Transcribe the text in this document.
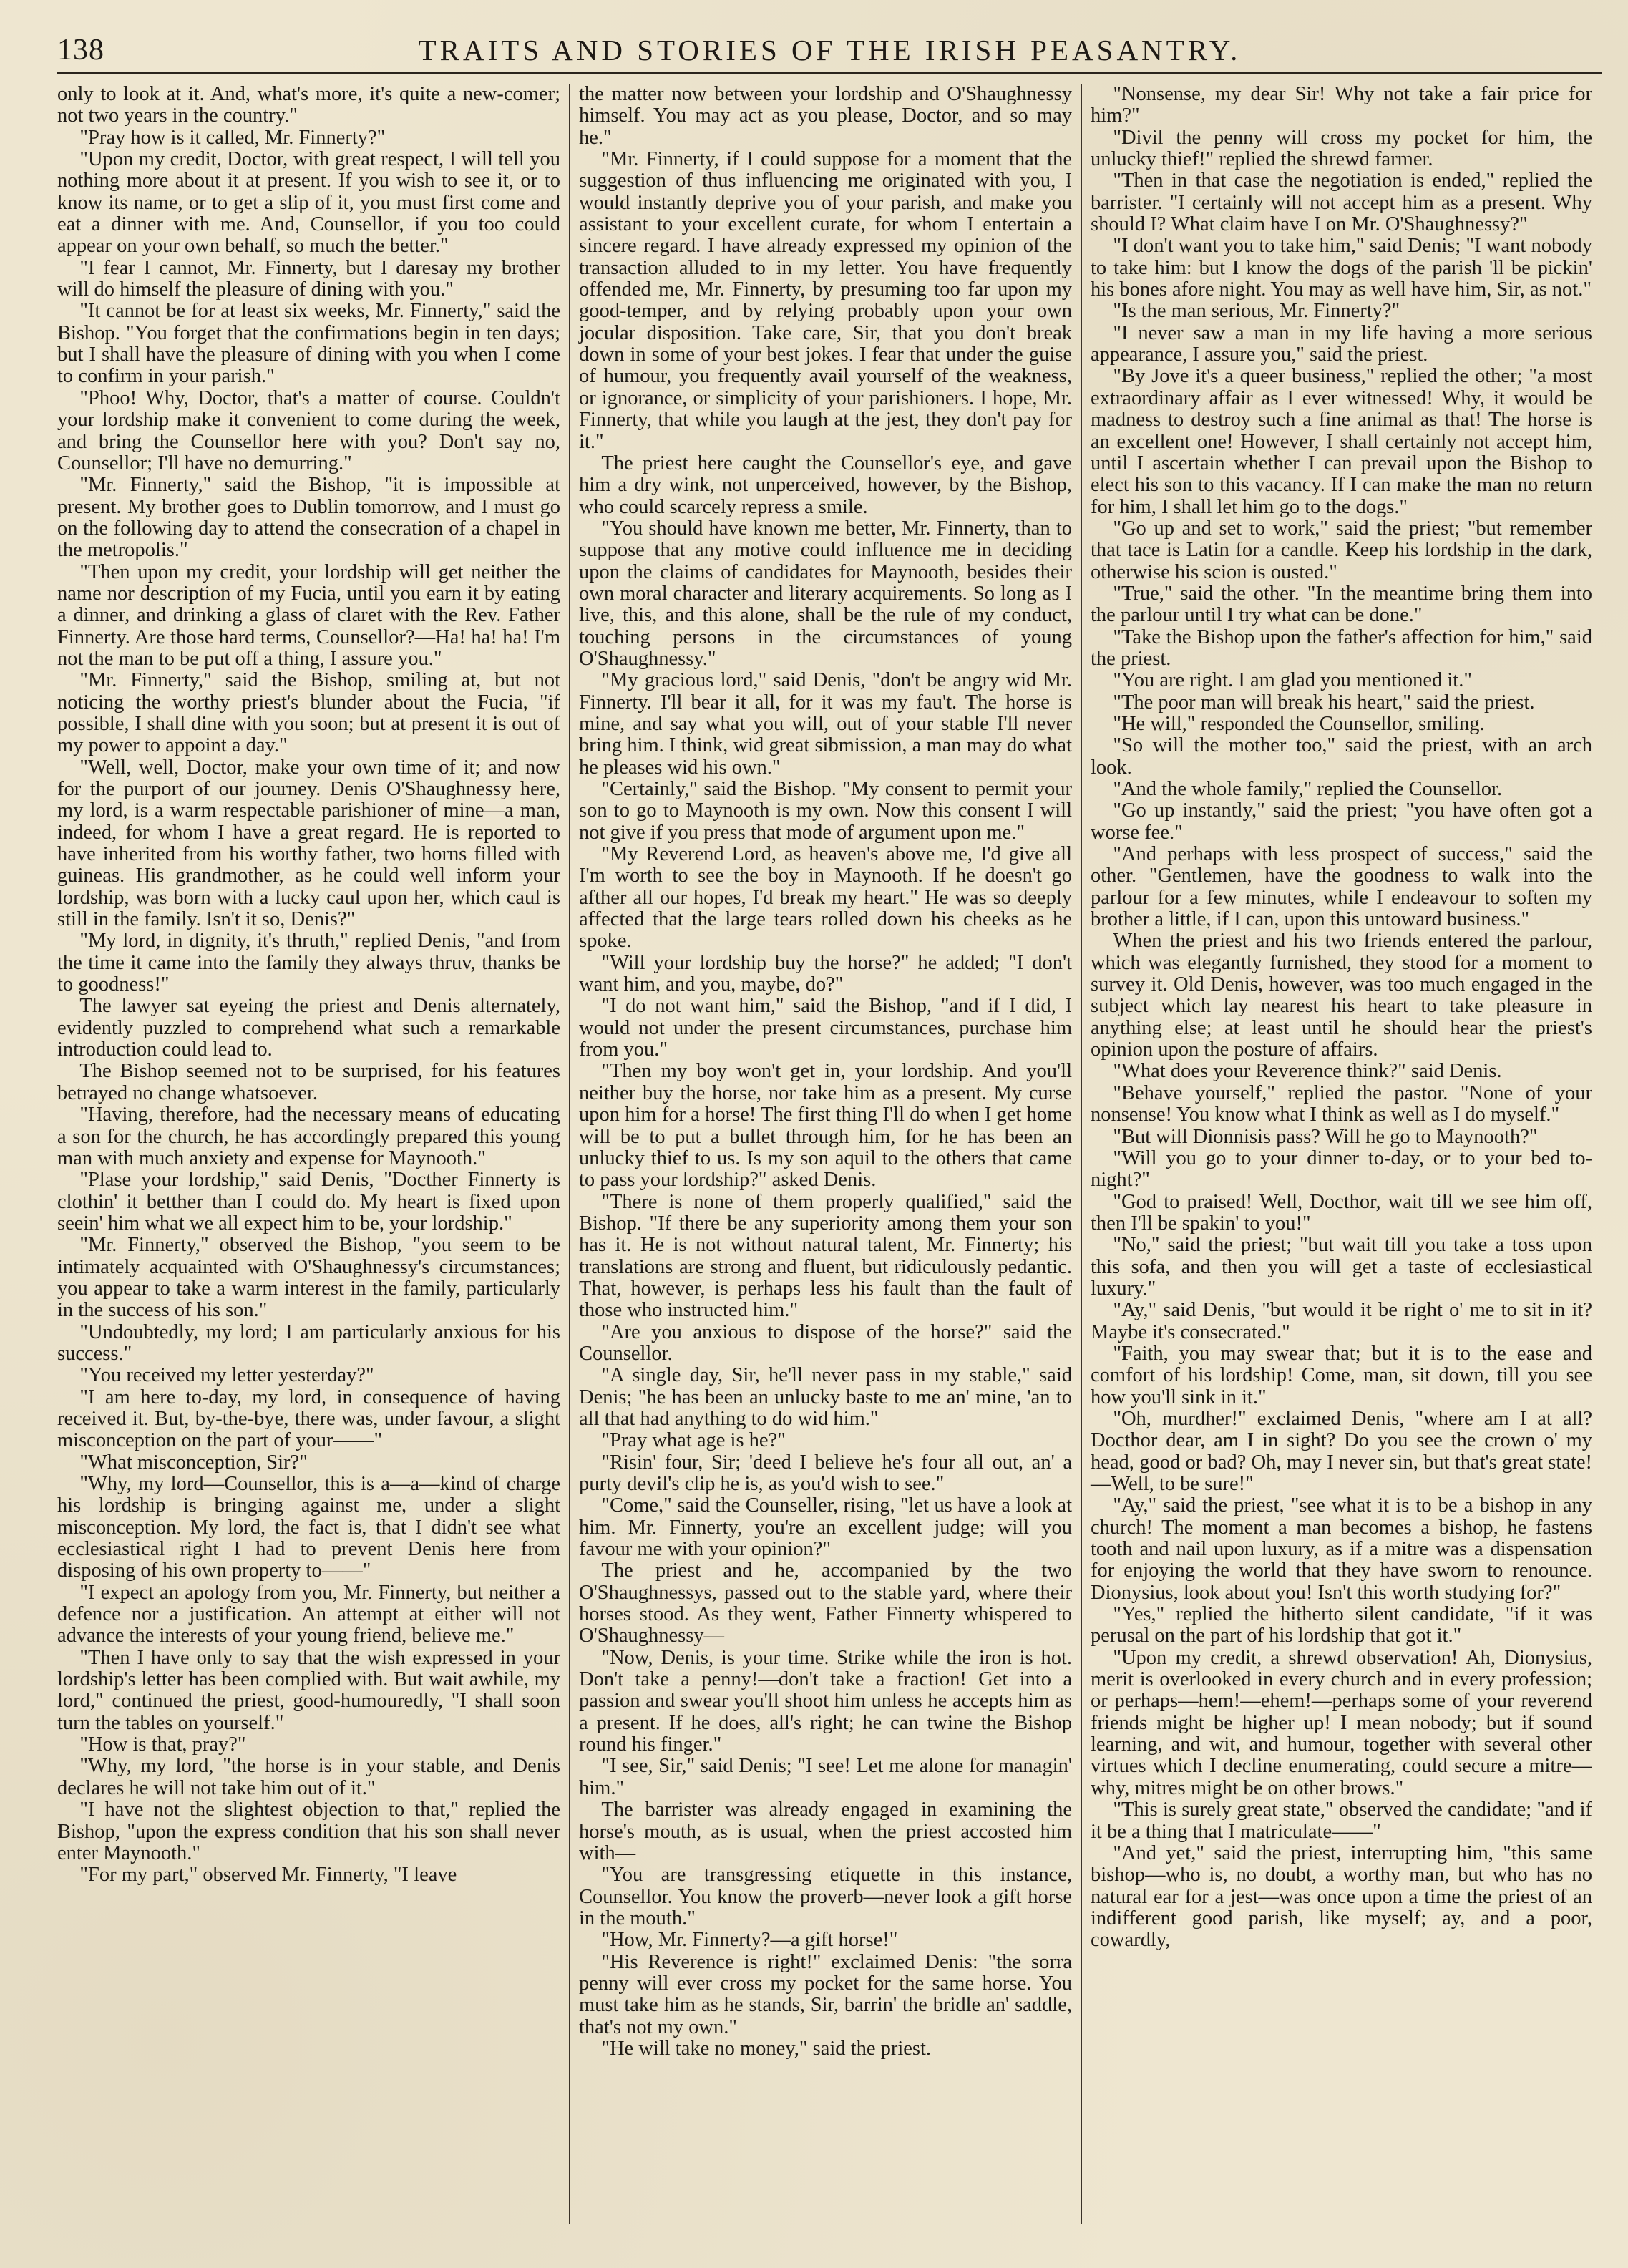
138	TRAITS AND STORIES OF THE IRISH PEASANTRY.

only to look at it. And, what's more, it's quite a new-comer; not two years in the country."

"Pray how is it called, Mr. Finnerty?"

"Upon my credit, Doctor, with great respect, I will tell you nothing more about it at present. If you wish to see it, or to know its name, or to get a slip of it, you must first come and eat a dinner with me. And, Counsellor, if you too could appear on your own behalf, so much the better."

"I fear I cannot, Mr. Finnerty, but I daresay my brother will do himself the pleasure of dining with you."

"It cannot be for at least six weeks, Mr. Finnerty," said the Bishop. "You forget that the confirmations begin in ten days; but I shall have the pleasure of dining with you when I come to confirm in your parish."

"Phoo! Why, Doctor, that's a matter of course. Couldn't your lordship make it convenient to come during the week, and bring the Counsellor here with you? Don't say no, Counsellor; I'll have no demurring."

"Mr. Finnerty," said the Bishop, "it is impossible at present. My brother goes to Dublin tomorrow, and I must go on the following day to attend the consecration of a chapel in the metropolis."

"Then upon my credit, your lordship will get neither the name nor description of my Fucia, until you earn it by eating a dinner, and drinking a glass of claret with the Rev. Father Finnerty. Are those hard terms, Counsellor?—Ha! ha! ha! I'm not the man to be put off a thing, I assure you."

"Mr. Finnerty," said the Bishop, smiling at, but not noticing the worthy priest's blunder about the Fucia, "if possible, I shall dine with you soon; but at present it is out of my power to appoint a day."

"Well, well, Doctor, make your own time of it; and now for the purport of our journey. Denis O'Shaughnessy here, my lord, is a warm respectable parishioner of mine—a man, indeed, for whom I have a great regard. He is reported to have inherited from his worthy father, two horns filled with guineas. His grandmother, as he could well inform your lordship, was born with a lucky caul upon her, which caul is still in the family. Isn't it so, Denis?"

"My lord, in dignity, it's thruth," replied Denis, "and from the time it came into the family they always thruv, thanks be to goodness!"

The lawyer sat eyeing the priest and Denis alternately, evidently puzzled to comprehend what such a remarkable introduction could lead to.

The Bishop seemed not to be surprised, for his features betrayed no change whatsoever.

"Having, therefore, had the necessary means of educating a son for the church, he has accordingly prepared this young man with much anxiety and expense for Maynooth."

"Plase your lordship," said Denis, "Docther Finnerty is clothin' it betther than I could do. My heart is fixed upon seein' him what we all expect him to be, your lordship."

"Mr. Finnerty," observed the Bishop, "you seem to be intimately acquainted with O'Shaughnessy's circumstances; you appear to take a warm interest in the family, particularly in the success of his son."

"Undoubtedly, my lord; I am particularly anxious for his success."

"You received my letter yesterday?"

"I am here to-day, my lord, in consequence of having received it. But, by-the-bye, there was, under favour, a slight misconception on the part of your——"

"What misconception, Sir?"

"Why, my lord—Counsellor, this is a—a—kind of charge his lordship is bringing against me, under a slight misconception. My lord, the fact is, that I didn't see what ecclesiastical right I had to prevent Denis here from disposing of his own property to——"

"I expect an apology from you, Mr. Finnerty, but neither a defence nor a justification. An attempt at either will not advance the interests of your young friend, believe me."

"Then I have only to say that the wish expressed in your lordship's letter has been complied with. But wait awhile, my lord," continued the priest, good-humouredly, "I shall soon turn the tables on yourself."

"How is that, pray?"

"Why, my lord, "the horse is in your stable, and Denis declares he will not take him out of it."

"I have not the slightest objection to that," replied the Bishop, "upon the express condition that his son shall never enter Maynooth."

"For my part," observed Mr. Finnerty, "I leave

the matter now between your lordship and O'Shaughnessy himself. You may act as you please, Doctor, and so may he."

"Mr. Finnerty, if I could suppose for a moment that the suggestion of thus influencing me originated with you, I would instantly deprive you of your parish, and make you assistant to your excellent curate, for whom I entertain a sincere regard. I have already expressed my opinion of the transaction alluded to in my letter. You have frequently offended me, Mr. Finnerty, by presuming too far upon my good-temper, and by relying probably upon your own jocular disposition. Take care, Sir, that you don't break down in some of your best jokes. I fear that under the guise of humour, you frequently avail yourself of the weakness, or ignorance, or simplicity of your parishioners. I hope, Mr. Finnerty, that while you laugh at the jest, they don't pay for it."

The priest here caught the Counsellor's eye, and gave him a dry wink, not unperceived, however, by the Bishop, who could scarcely repress a smile.

"You should have known me better, Mr. Finnerty, than to suppose that any motive could influence me in deciding upon the claims of candidates for Maynooth, besides their own moral character and literary acquirements. So long as I live, this, and this alone, shall be the rule of my conduct, touching persons in the circumstances of young O'Shaughnessy."

"My gracious lord," said Denis, "don't be angry wid Mr. Finnerty. I'll bear it all, for it was my fau't. The horse is mine, and say what you will, out of your stable I'll never bring him. I think, wid great sibmission, a man may do what he pleases wid his own."

"Certainly," said the Bishop. "My consent to permit your son to go to Maynooth is my own. Now this consent I will not give if you press that mode of argument upon me."

"My Reverend Lord, as heaven's above me, I'd give all I'm worth to see the boy in Maynooth. If he doesn't go afther all our hopes, I'd break my heart." He was so deeply affected that the large tears rolled down his cheeks as he spoke.

"Will your lordship buy the horse?" he added; "I don't want him, and you, maybe, do?"

"I do not want him," said the Bishop, "and if I did, I would not under the present circumstances, purchase him from you."

"Then my boy won't get in, your lordship. And you'll neither buy the horse, nor take him as a present. My curse upon him for a horse! The first thing I'll do when I get home will be to put a bullet through him, for he has been an unlucky thief to us. Is my son aquil to the others that came to pass your lordship?" asked Denis.

"There is none of them properly qualified," said the Bishop. "If there be any superiority among them your son has it. He is not without natural talent, Mr. Finnerty; his translations are strong and fluent, but ridiculously pedantic. That, however, is perhaps less his fault than the fault of those who instructed him."

"Are you anxious to dispose of the horse?" said the Counsellor.

"A single day, Sir, he'll never pass in my stable," said Denis; "he has been an unlucky baste to me an' mine, 'an to all that had anything to do wid him."

"Pray what age is he?"

"Risin' four, Sir; 'deed I believe he's four all out, an' a purty devil's clip he is, as you'd wish to see."

"Come," said the Counseller, rising, "let us have a look at him. Mr. Finnerty, you're an excellent judge; will you favour me with your opinion?"

The priest and he, accompanied by the two O'Shaughnessys, passed out to the stable yard, where their horses stood. As they went, Father Finnerty whispered to O'Shaughnessy—

"Now, Denis, is your time. Strike while the iron is hot. Don't take a penny!—don't take a fraction! Get into a passion and swear you'll shoot him unless he accepts him as a present. If he does, all's right; he can twine the Bishop round his finger."

"I see, Sir," said Denis; "I see! Let me alone for managin' him."

The barrister was already engaged in examining the horse's mouth, as is usual, when the priest accosted him with—

"You are transgressing etiquette in this instance, Counsellor. You know the proverb—never look a gift horse in the mouth."

"How, Mr. Finnerty?—a gift horse!"

"His Reverence is right!" exclaimed Denis: "the sorra penny will ever cross my pocket for the same horse. You must take him as he stands, Sir, barrin' the bridle an' saddle, that's not my own."

"He will take no money," said the priest.

"Nonsense, my dear Sir! Why not take a fair price for him?"

"Divil the penny will cross my pocket for him, the unlucky thief!" replied the shrewd farmer.

"Then in that case the negotiation is ended," replied the barrister. "I certainly will not accept him as a present. Why should I? What claim have I on Mr. O'Shaughnessy?"

"I don't want you to take him," said Denis; "I want nobody to take him: but I know the dogs of the parish 'll be pickin' his bones afore night. You may as well have him, Sir, as not."

"Is the man serious, Mr. Finnerty?"

"I never saw a man in my life having a more serious appearance, I assure you," said the priest.

"By Jove it's a queer business," replied the other; "a most extraordinary affair as I ever witnessed! Why, it would be madness to destroy such a fine animal as that! The horse is an excellent one! However, I shall certainly not accept him, until I ascertain whether I can prevail upon the Bishop to elect his son to this vacancy. If I can make the man no return for him, I shall let him go to the dogs."

"Go up and set to work," said the priest; "but remember that tace is Latin for a candle. Keep his lordship in the dark, otherwise his scion is ousted."

"True," said the other. "In the meantime bring them into the parlour until I try what can be done."

"Take the Bishop upon the father's affection for him," said the priest.

"You are right. I am glad you mentioned it."

"The poor man will break his heart," said the priest.

"He will," responded the Counsellor, smiling.

"So will the mother too," said the priest, with an arch look.

"And the whole family," replied the Counsellor.

"Go up instantly," said the priest; "you have often got a worse fee."

"And perhaps with less prospect of success," said the other. "Gentlemen, have the goodness to walk into the parlour for a few minutes, while I endeavour to soften my brother a little, if I can, upon this untoward business."

When the priest and his two friends entered the parlour, which was elegantly furnished, they stood for a moment to survey it. Old Denis, however, was too much engaged in the subject which lay nearest his heart to take pleasure in anything else; at least until he should hear the priest's opinion upon the posture of affairs.

"What does your Reverence think?" said Denis.

"Behave yourself," replied the pastor. "None of your nonsense! You know what I think as well as I do myself."

"But will Dionnisis pass? Will he go to Maynooth?"

"Will you go to your dinner to-day, or to your bed to-night?"

"God to praised! Well, Docthor, wait till we see him off, then I'll be spakin' to you!"

"No," said the priest; "but wait till you take a toss upon this sofa, and then you will get a taste of ecclesiastical luxury."

"Ay," said Denis, "but would it be right o' me to sit in it? Maybe it's consecrated."

"Faith, you may swear that; but it is to the ease and comfort of his lordship! Come, man, sit down, till you see how you'll sink in it."

"Oh, murdher!" exclaimed Denis, "where am I at all? Docthor dear, am I in sight? Do you see the crown o' my head, good or bad? Oh, may I never sin, but that's great state!—Well, to be sure!"

"Ay," said the priest, "see what it is to be a bishop in any church! The moment a man becomes a bishop, he fastens tooth and nail upon luxury, as if a mitre was a dispensation for enjoying the world that they have sworn to renounce. Dionysius, look about you! Isn't this worth studying for?"

"Yes," replied the hitherto silent candidate, "if it was perusal on the part of his lordship that got it."

"Upon my credit, a shrewd observation! Ah, Dionysius, merit is overlooked in every church and in every profession; or perhaps—hem!—ehem!—perhaps some of your reverend friends might be higher up! I mean nobody; but if sound learning, and wit, and humour, together with several other virtues which I decline enumerating, could secure a mitre—why, mitres might be on other brows."

"This is surely great state," observed the candidate; "and if it be a thing that I matriculate——"

"And yet," said the priest, interrupting him, "this same bishop—who is, no doubt, a worthy man, but who has no natural ear for a jest—was once upon a time the priest of an indifferent good parish, like myself; ay, and a poor, cowardly,
